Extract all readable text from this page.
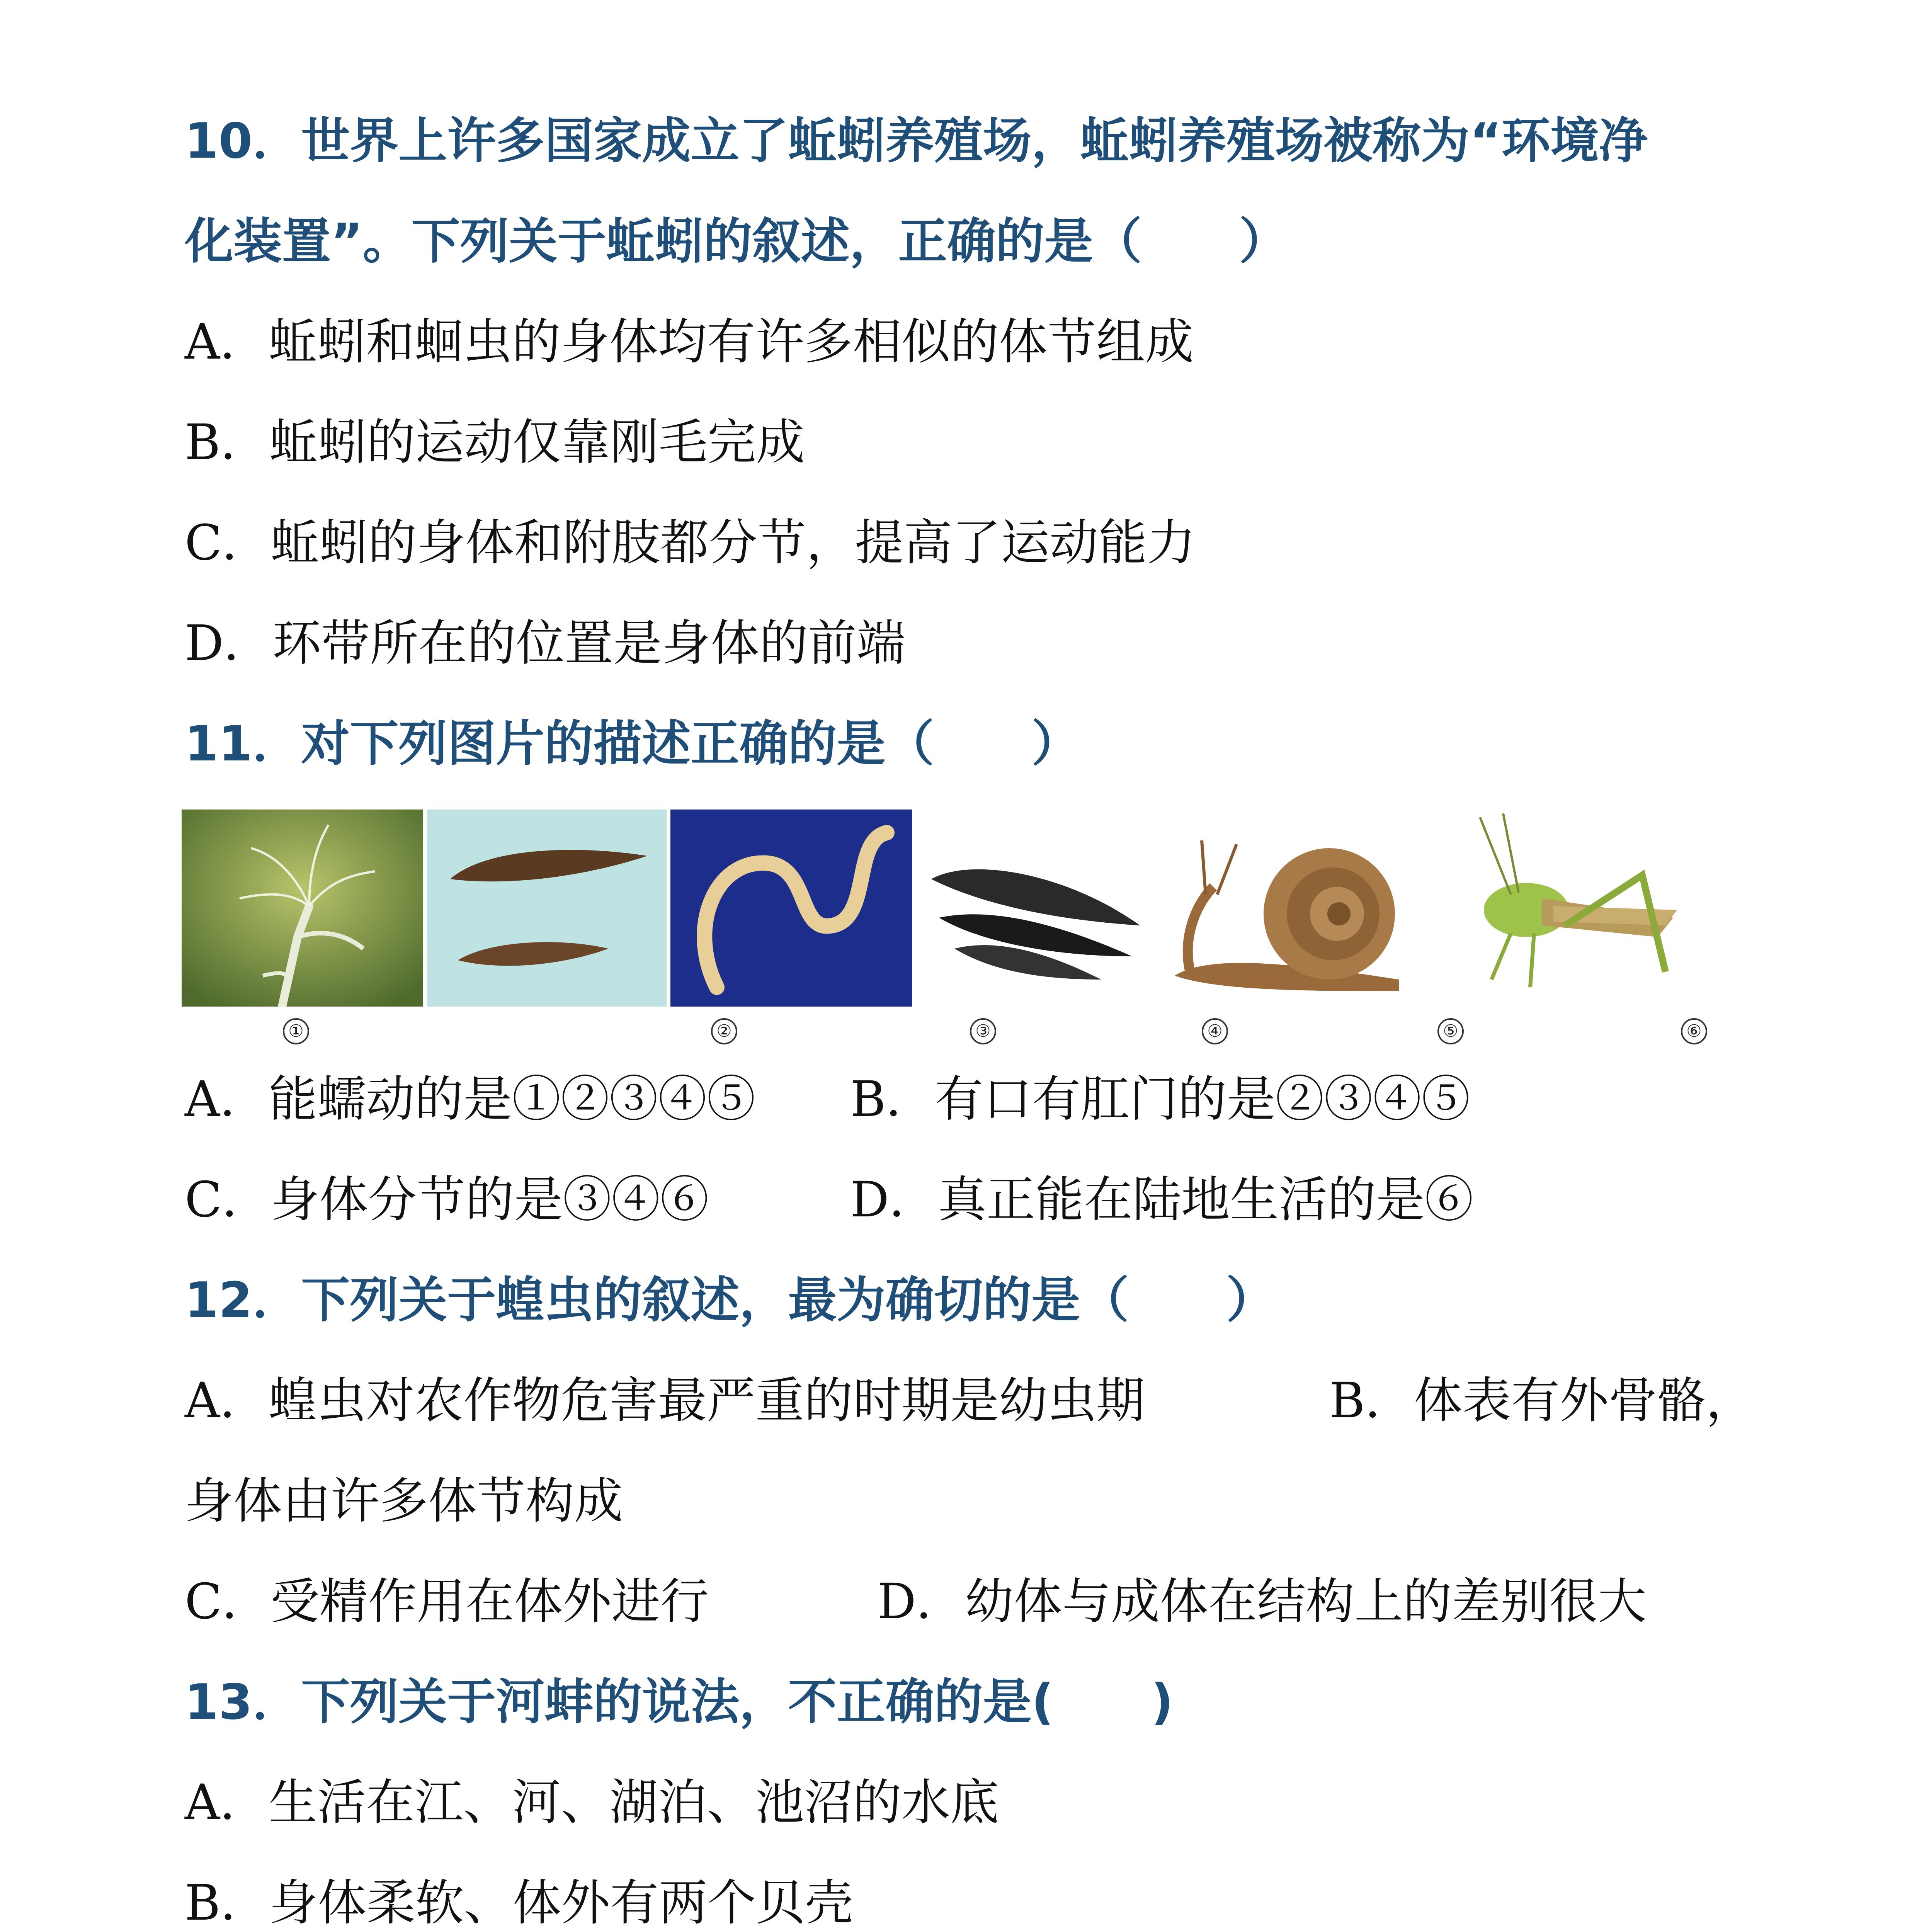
10．世界上许多国家成立了蚯蚓养殖场，蚯蚓养殖场被称为“环境净
化装置”。下列关于蚯蚓的叙述，正确的是（　　）
A．蚯蚓和蛔虫的身体均有许多相似的体节组成
B．蚯蚓的运动仅靠刚毛完成
C．蚯蚓的身体和附肢都分节，提高了运动能力
D．环带所在的位置是身体的前端
11．对下列图片的描述正确的是（　　）
①	②	③	④	⑤	⑥
A．能蠕动的是①②③④⑤ B．有口有肛门的是②③④⑤
C．身体分节的是③④⑥	D．真正能在陆地生活的是⑥
12．下列关于蝗虫的叙述，最为确切的是（　　）
A．蝗虫对农作物危害最严重的时期是幼虫期	B．体表有外骨骼，
身体由许多体节构成
C．受精作用在体外进行	D．幼体与成体在结构上的差别很大
13．下列关于河蚌的说法，不正确的是(　　)
A．生活在江、河、湖泊、池沼的水底
B．身体柔软、体外有两个贝壳
